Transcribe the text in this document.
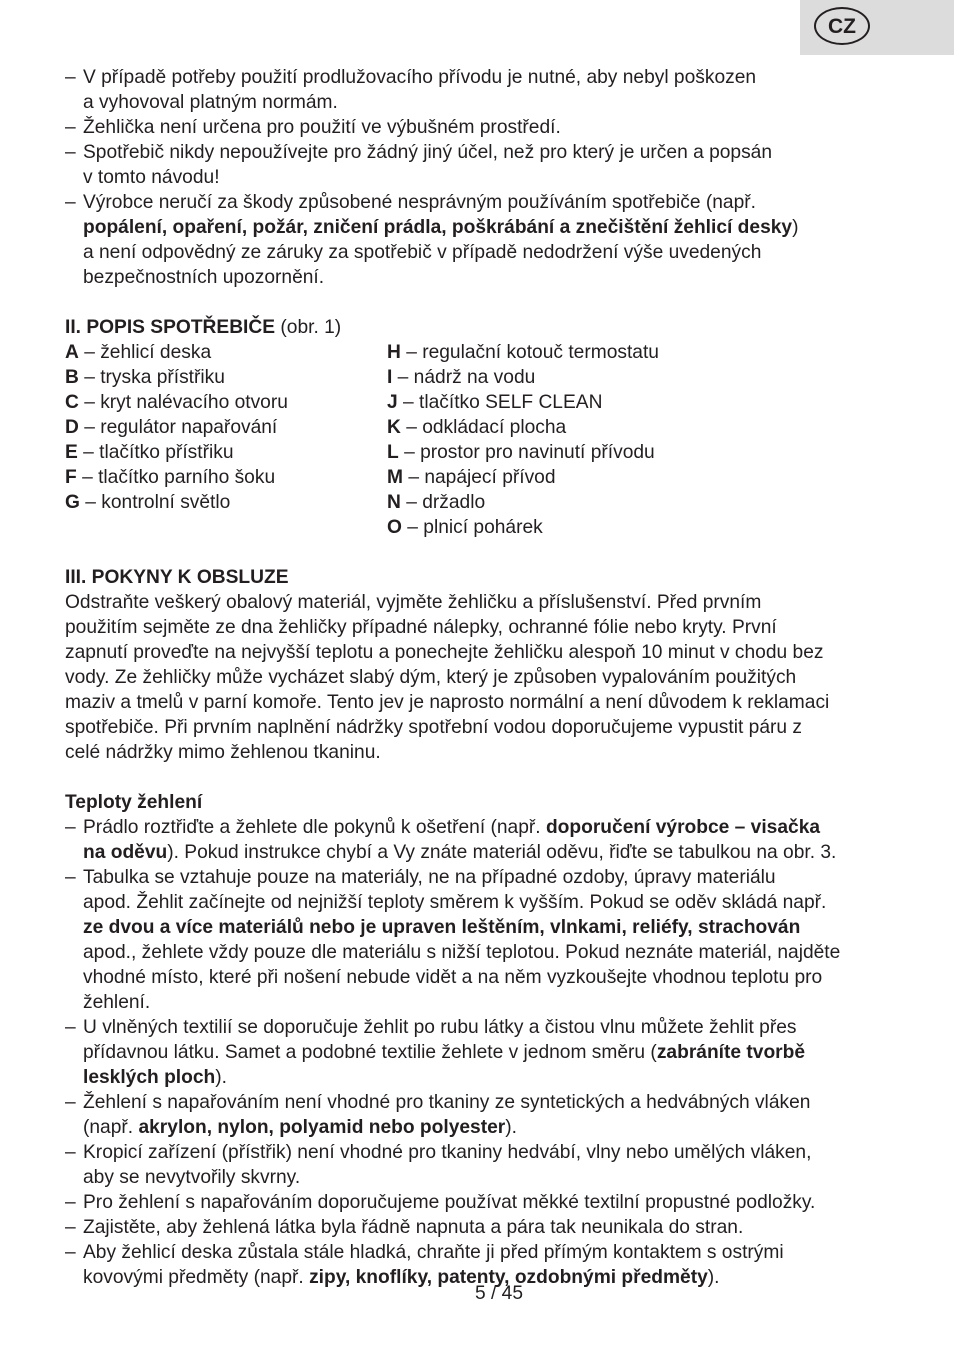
CZ
– V případě potřeby použití prodlužovacího přívodu je nutné, aby nebyl poškozen
a vyhovoval platným normám.
– Žehlička není určena pro použití ve výbušném prostředí.
– Spotřebič nikdy nepoužívejte pro žádný jiný účel, než pro který je určen a popsán
v tomto návodu!
– Výrobce neručí za škody způsobené nesprávným používáním spotřebiče (např.
popálení, opaření, požár, zničení prádla, poškrábání a znečištění žehlicí desky)
a není odpovědný ze záruky za spotřebič v případě nedodržení výše uvedených
bezpečnostních upozornění.
II. POPIS SPOTŘEBIČE (obr. 1)
A – žehlicí deska
B – tryska přístřiku
C – kryt nalévacího otvoru
D – regulátor napařování
E – tlačítko přístřiku
F – tlačítko parního šoku
G – kontrolní světlo
H – regulační kotouč termostatu
I – nádrž na vodu
J – tlačítko SELF CLEAN
K – odkládací plocha
L – prostor pro navinutí přívodu
M – napájecí přívod
N – držadlo
O – plnicí pohárek
III. POKYNY K OBSLUZE
Odstraňte veškerý obalový materiál, vyjměte žehličku a příslušenství. Před prvním
použitím sejměte ze dna žehličky případné nálepky, ochranné fólie nebo kryty. První
zapnutí proveďte na nejvyšší teplotu a ponechejte žehličku alespoň 10 minut v chodu bez
vody. Ze žehličky může vycházet slabý dým, který je způsoben vypalováním použitých
maziv a tmelů v parní komoře. Tento jev je naprosto normální a není důvodem k reklamaci
spotřebiče. Při prvním naplnění nádržky spotřební vodou doporučujeme vypustit páru z
celé nádržky mimo žehlenou tkaninu.
Teploty žehlení
– Prádlo roztřiďte a žehlete dle pokynů k ošetření (např. doporučení výrobce – visačka
na oděvu). Pokud instrukce chybí a Vy znáte materiál oděvu, řiďte se tabulkou na obr. 3.
– Tabulka se vztahuje pouze na materiály, ne na případné ozdoby, úpravy materiálu
apod. Žehlit začínejte od nejnižší teploty směrem k vyšším. Pokud se oděv skládá např.
ze dvou a více materiálů nebo je upraven leštěním, vlnkami, reliéfy, strachován
apod., žehlete vždy pouze dle materiálu s nižší teplotou. Pokud neznáte materiál, najděte
vhodné místo, které při nošení nebude vidět a na něm vyzkoušejte vhodnou teplotu pro
žehlení.
– U vlněných textilií se doporučuje žehlit po rubu látky a čistou vlnu můžete žehlit přes
přídavnou látku. Samet a podobné textilie žehlete v jednom směru (zabráníte tvorbě
lesklých ploch).
– Žehlení s napařováním není vhodné pro tkaniny ze syntetických a hedvábných vláken
(např. akrylon, nylon, polyamid nebo polyester).
– Kropicí zařízení (přístřik) není vhodné pro tkaniny hedvábí, vlny nebo umělých vláken,
aby se nevytvořily skvrny.
– Pro žehlení s napařováním doporučujeme používat měkké textilní propustné podložky.
– Zajistěte, aby žehlená látka byla řádně napnuta a pára tak neunikala do stran.
– Aby žehlicí deska zůstala stále hladká, chraňte ji před přímým kontaktem s ostrými
kovovými předměty (např. zipy, knoflíky, patenty, ozdobnými předměty).
5 / 45
